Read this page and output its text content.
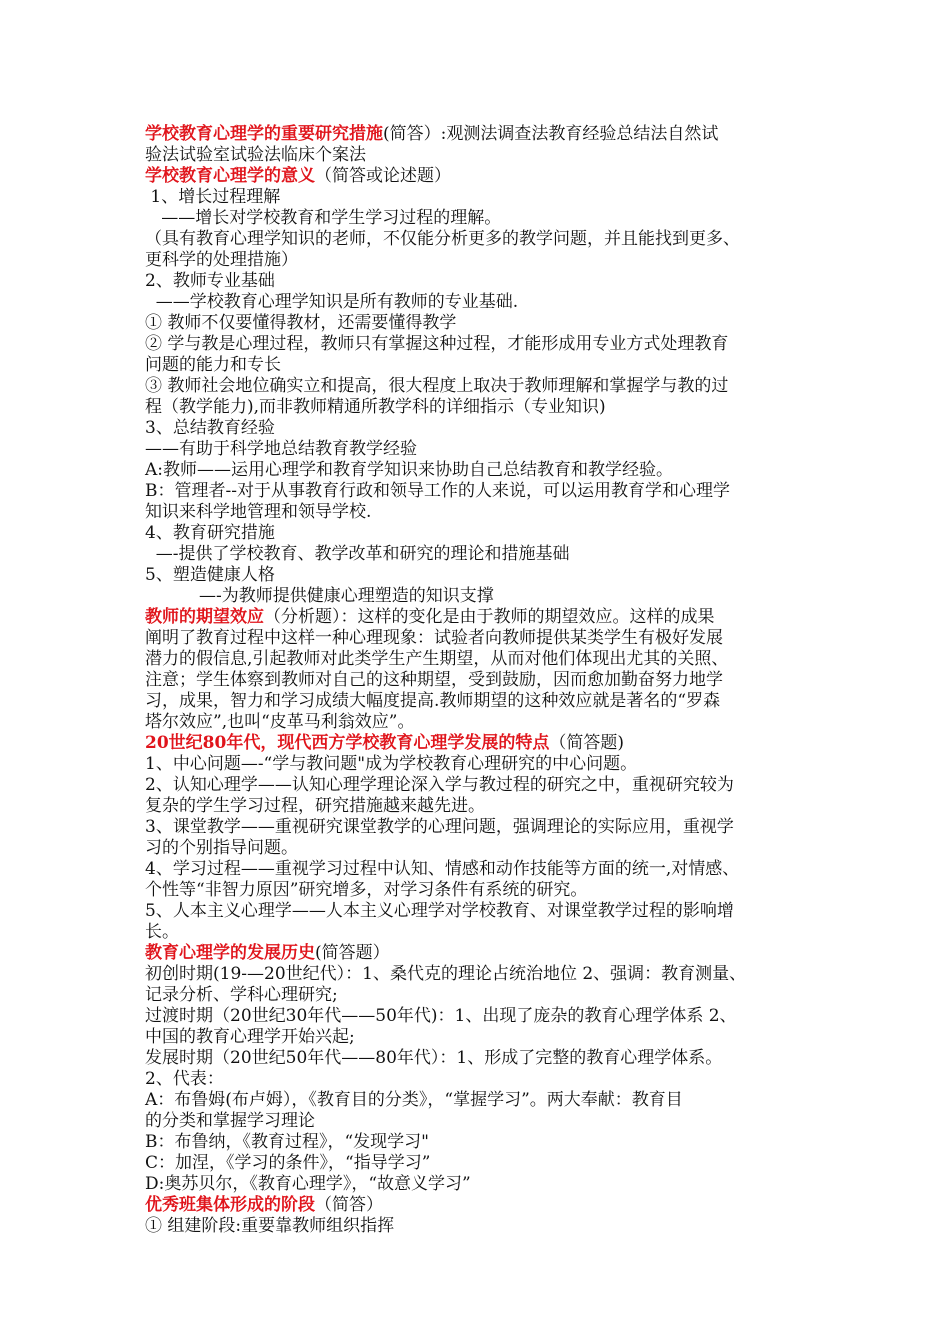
学校教育心理学的重要研究措施(简答）:观测法调查法教育经验总结法自然试
验法试验室试验法临床个案法
学校教育心理学的意义（简答或论述题）
1、增长过程理解
——增长对学校教育和学生学习过程的理解。
（具有教育心理学知识的老师，不仅能分析更多的教学问题，并且能找到更多、
更科学的处理措施）
2、教师专业基础
——学校教育心理学知识是所有教师的专业基础.
① 教师不仅要懂得教材，还需要懂得教学
② 学与教是心理过程，教师只有掌握这种过程，才能形成用专业方式处理教育
问题的能力和专长
③ 教师社会地位确实立和提高，很大程度上取决于教师理解和掌握学与教的过
程（教学能力),而非教师精通所教学科的详细指示（专业知识)
3、总结教育经验
——有助于科学地总结教育教学经验
A:教师——运用心理学和教育学知识来协助自己总结教育和教学经验。
B：管理者--对于从事教育行政和领导工作的人来说，可以运用教育学和心理学
知识来科学地管理和领导学校.
4、教育研究措施
—-提供了学校教育、教学改革和研究的理论和措施基础
5、塑造健康人格
—-为教师提供健康心理塑造的知识支撑
教师的期望效应（分析题）：这样的变化是由于教师的期望效应。这样的成果
阐明了教育过程中这样一种心理现象：试验者向教师提供某类学生有极好发展
潜力的假信息,引起教师对此类学生产生期望，从而对他们体现出尤其的关照、
注意；学生体察到教师对自己的这种期望，受到鼓励，因而愈加勤奋努力地学
习，成果，智力和学习成绩大幅度提高.教师期望的这种效应就是著名的“罗森
塔尔效应”,也叫“皮革马利翁效应”。
20世纪80年代，现代西方学校教育心理学发展的特点（简答题)
1、中心问题—-“学与教问题"成为学校教育心理研究的中心问题。
2、认知心理学——认知心理学理论深入学与教过程的研究之中，重视研究较为
复杂的学生学习过程，研究措施越来越先进。
3、课堂教学——重视研究课堂教学的心理问题，强调理论的实际应用，重视学
习的个别指导问题。
4、学习过程——重视学习过程中认知、情感和动作技能等方面的统一,对情感、
个性等“非智力原因”研究增多，对学习条件有系统的研究。
5、人本主义心理学——人本主义心理学对学校教育、对课堂教学过程的影响增
长。
教育心理学的发展历史(简答题）
初创时期(19-—20世纪代）：1、桑代克的理论占统治地位 2、强调：教育测量、
记录分析、学科心理研究;
过渡时期（20世纪30年代——50年代)：1、出现了庞杂的教育心理学体系 2、
中国的教育心理学开始兴起;
发展时期（20世纪50年代——80年代）：1、形成了完整的教育心理学体系。
2、代表：
A：布鲁姆(布卢姆），《教育目的分类》，“掌握学习”。两大奉献：教育目
的分类和掌握学习理论
B：布鲁纳，《教育过程》，“发现学习"
C：加涅，《学习的条件》，“指导学习”
D:奥苏贝尔，《教育心理学》，“故意义学习”
优秀班集体形成的阶段（简答）
① 组建阶段:重要靠教师组织指挥
